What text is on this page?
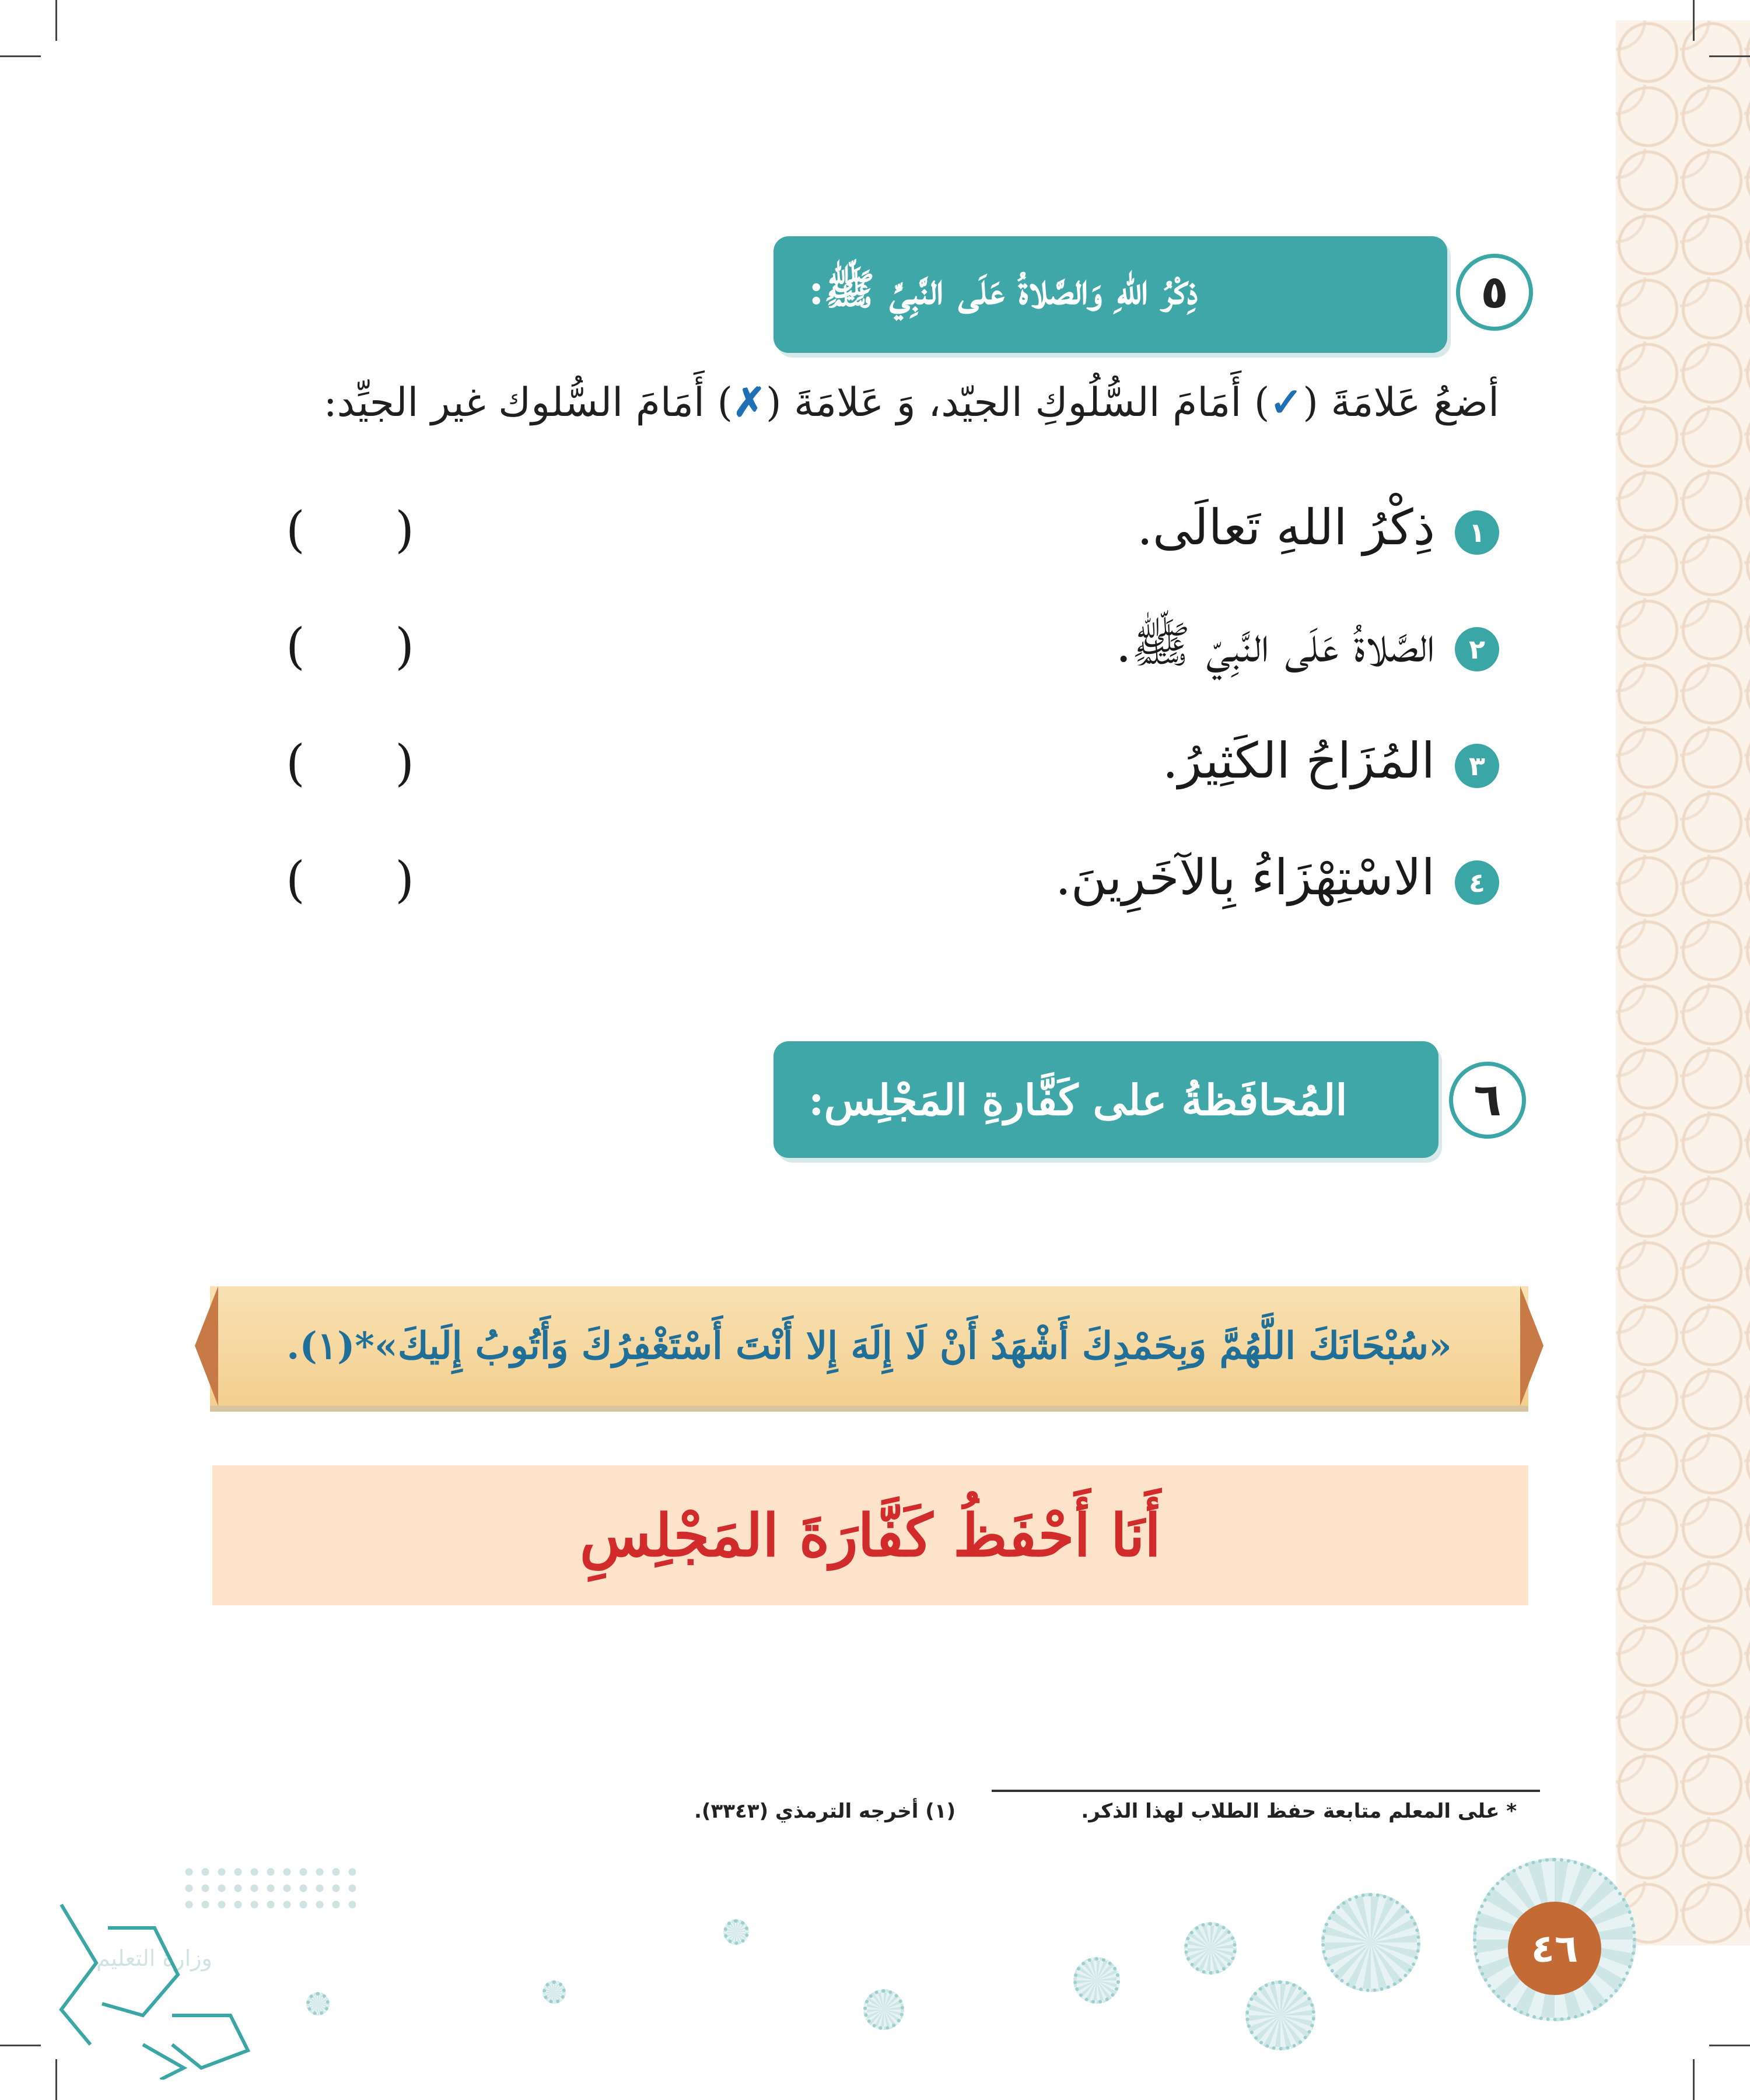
٥
ذِكْرُ اللهِ وَالصَّلاةُ عَلَى النَّبِيِّ ﷺ:
أضعُ عَلامَةَ (✓) أَمَامَ السُّلُوكِ الجيّد، وَ عَلامَةَ (✗) أَمَامَ السُّلوك غير الجيِّد:
١
ذِكْرُ اللهِ تَعالَى.
( )
٢
الصَّلاةُ عَلَى النَّبِيّ ﷺ.
( )
٣
المُزَاحُ الكَثِيرُ.
( )
٤
الاسْتِهْزَاءُ بِالآخَرِينَ.
( )
٦
المُحافَظةُ على كَفَّارةِ المَجْلِس:
«سُبْحَانَكَ اللَّهُمَّ وَبِحَمْدِكَ أَشْهَدُ أَنْ لَا إِلَهَ إِلا أَنْتَ أَسْتَغْفِرُكَ وَأَتُوبُ إِلَيكَ»*(١).
أَنَا أَحْفَظُ كَفَّارَةَ المَجْلِسِ
* على المعلم متابعة حفظ الطلاب لهذا الذكر.
(١) أخرجه الترمذي (٣٣٤٣).
٤٦
وزارة التعليم
